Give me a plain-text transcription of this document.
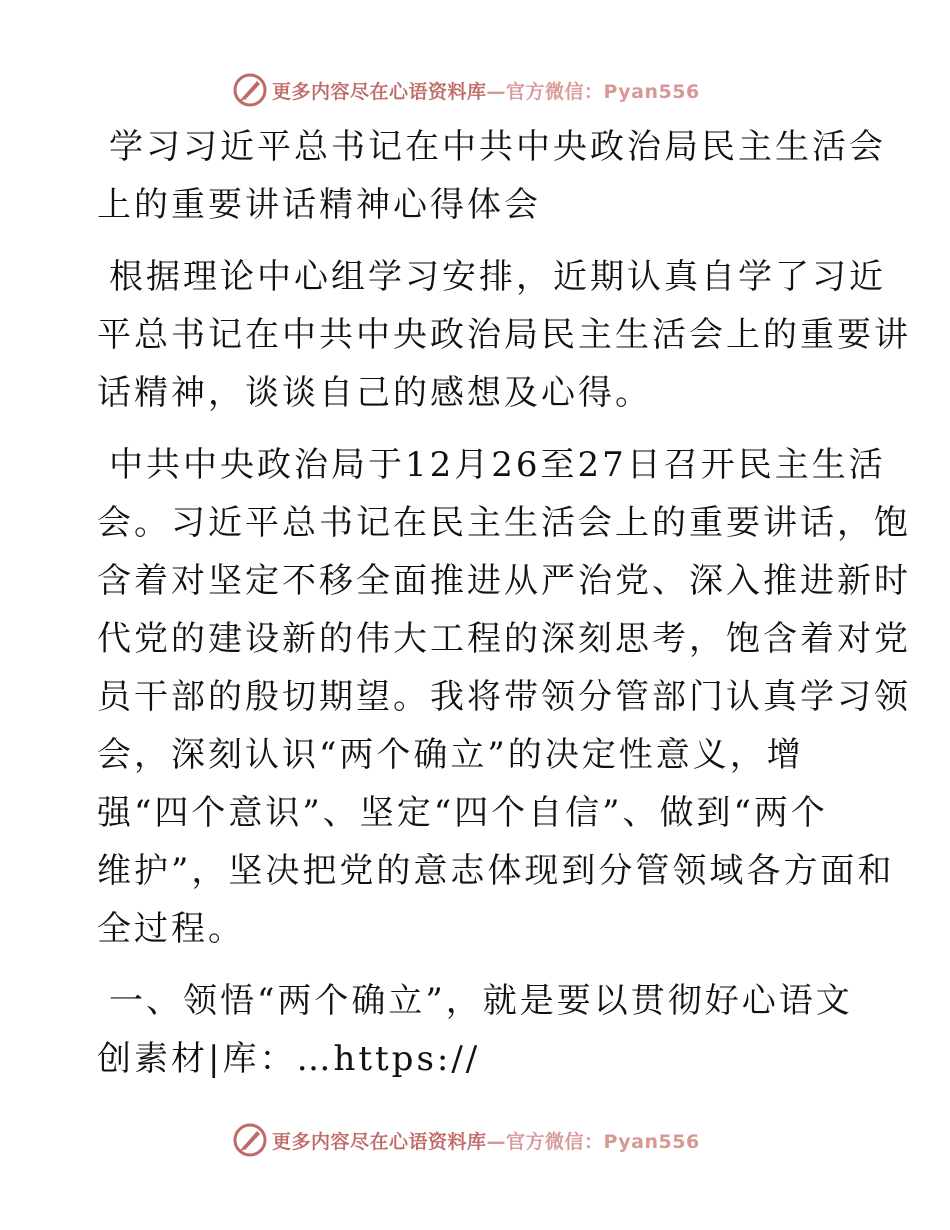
更多内容尽在心语资料库—官方微信：Pyan556
学习习近平总书记在中共中央政治局民主生活会
上的重要讲话精神心得体会
根据理论中心组学习安排，近期认真自学了习近
平总书记在中共中央政治局民主生活会上的重要讲
话精神，谈谈自己的感想及心得。
中共中央政治局于12月26至27日召开民主生活
会。习近平总书记在民主生活会上的重要讲话，饱
含着对坚定不移全面推进从严治党、深入推进新时
代党的建设新的伟大工程的深刻思考，饱含着对党
员干部的殷切期望。我将带领分管部门认真学习领
会，深刻认识“两个确立”的决定性意义，增
强“四个意识”、坚定“四个自信”、做到“两个
维护”，坚决把党的意志体现到分管领域各方面和
全过程。
一、领悟“两个确立”，就是要以贯彻好心语文
创素材|库：…https://
更多内容尽在心语资料库—官方微信：Pyan556
